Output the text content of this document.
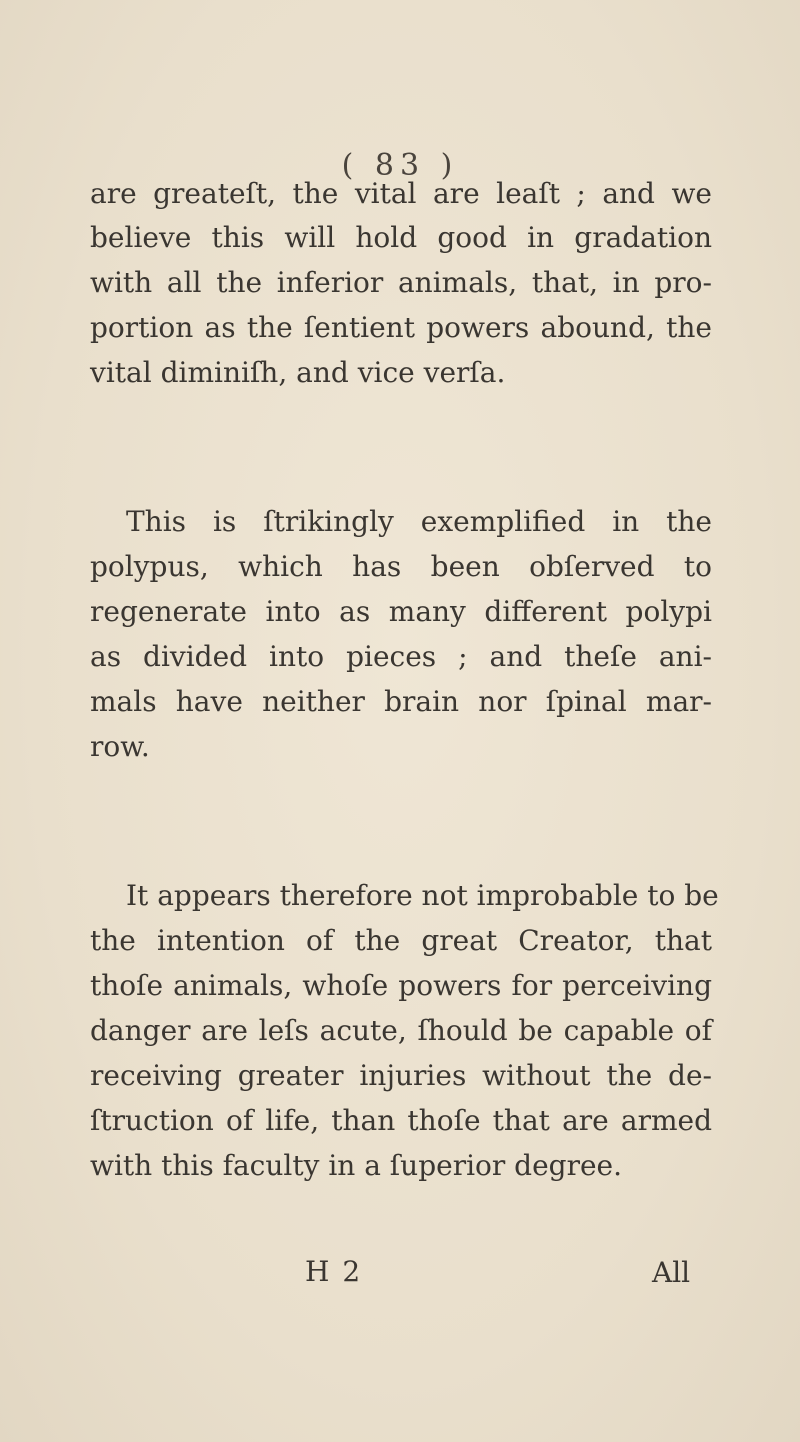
( 83 )
are greateſt, the vital are leaſt ; and we
believe this will hold good in gradation
with all the inferior animals, that, in pro-
portion as the ſentient powers abound, the
vital diminiſh, and vice verſa.
This is ſtrikingly exemplified in the
polypus, which has been obſerved to
regenerate into as many different polypi
as divided into pieces ; and theſe ani-
mals have neither brain nor ſpinal mar-
row.
It appears therefore not improbable to be
the intention of the great Creator, that
thoſe animals, whoſe powers for perceiving
danger are leſs acute, ſhould be capable of
receiving greater injuries without the de-
ſtruction of life, than thoſe that are armed
with this faculty in a ſuperior degree.
H 2	All
